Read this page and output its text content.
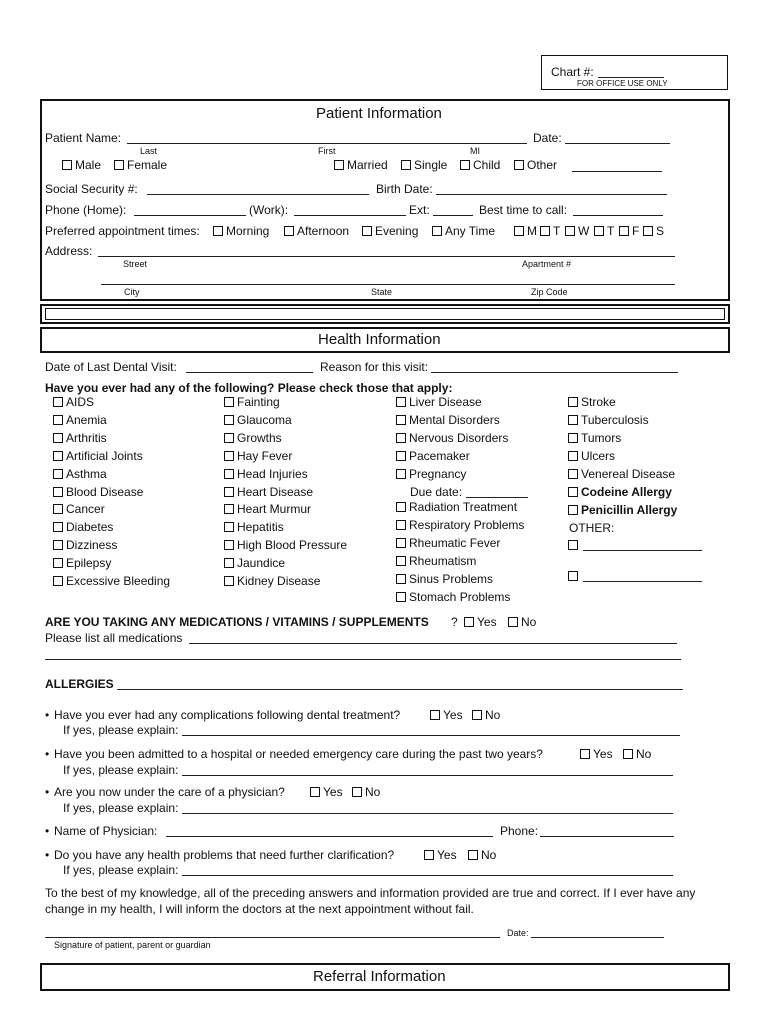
Chart #:
FOR OFFICE USE ONLY
Patient Information
Patient Name:	Date:
Last	First	MI
Male	Female	Married	Single	Child	Other
Social Security #:	Birth Date:
Phone (Home):	(Work):	Ext:	Best time to call:
Preferred appointment times:	Morning	Afternoon	Evening	Any Time	M	T	W	T	F	S
Address:
Street	Apartment #
City	State	Zip Code
Health Information
Date of Last Dental Visit:	Reason for this visit:
Have you ever had any of the following? Please check those that apply:
AIDS
Anemia
Arthritis
Artificial Joints
Asthma
Blood Disease
Cancer
Diabetes
Dizziness
Epilepsy
Excessive Bleeding
Fainting
Glaucoma
Growths
Hay Fever
Head Injuries
Heart Disease
Heart Murmur
Hepatitis
High Blood Pressure
Jaundice
Kidney Disease
Liver Disease
Mental Disorders
Nervous Disorders
Pacemaker
Pregnancy
Due date:
Radiation Treatment
Respiratory Problems
Rheumatic Fever
Rheumatism
Sinus Problems
Stomach Problems
Stroke
Tuberculosis
Tumors
Ulcers
Venereal Disease
Codeine Allergy
Penicillin Allergy
OTHER:
ARE YOU TAKING ANY MEDICATIONS / VITAMINS / SUPPLEMENTS ?	Yes	No
Please list all medications
ALLERGIES
• Have you ever had any complications following dental treatment?	Yes	No
If yes, please explain:
• Have you been admitted to a hospital or needed emergency care during the past two years?	Yes	No
If yes, please explain:
• Are you now under the care of a physician?	Yes	No
If yes, please explain:
• Name of Physician:	Phone:
• Do you have any health problems that need further clarification?	Yes	No
If yes, please explain:
To the best of my knowledge, all of the preceding answers and information provided are true and correct. If I ever have any change in my health, I will inform the doctors at the next appointment without fail.
Date:
Signature of patient, parent or guardian
Referral Information
